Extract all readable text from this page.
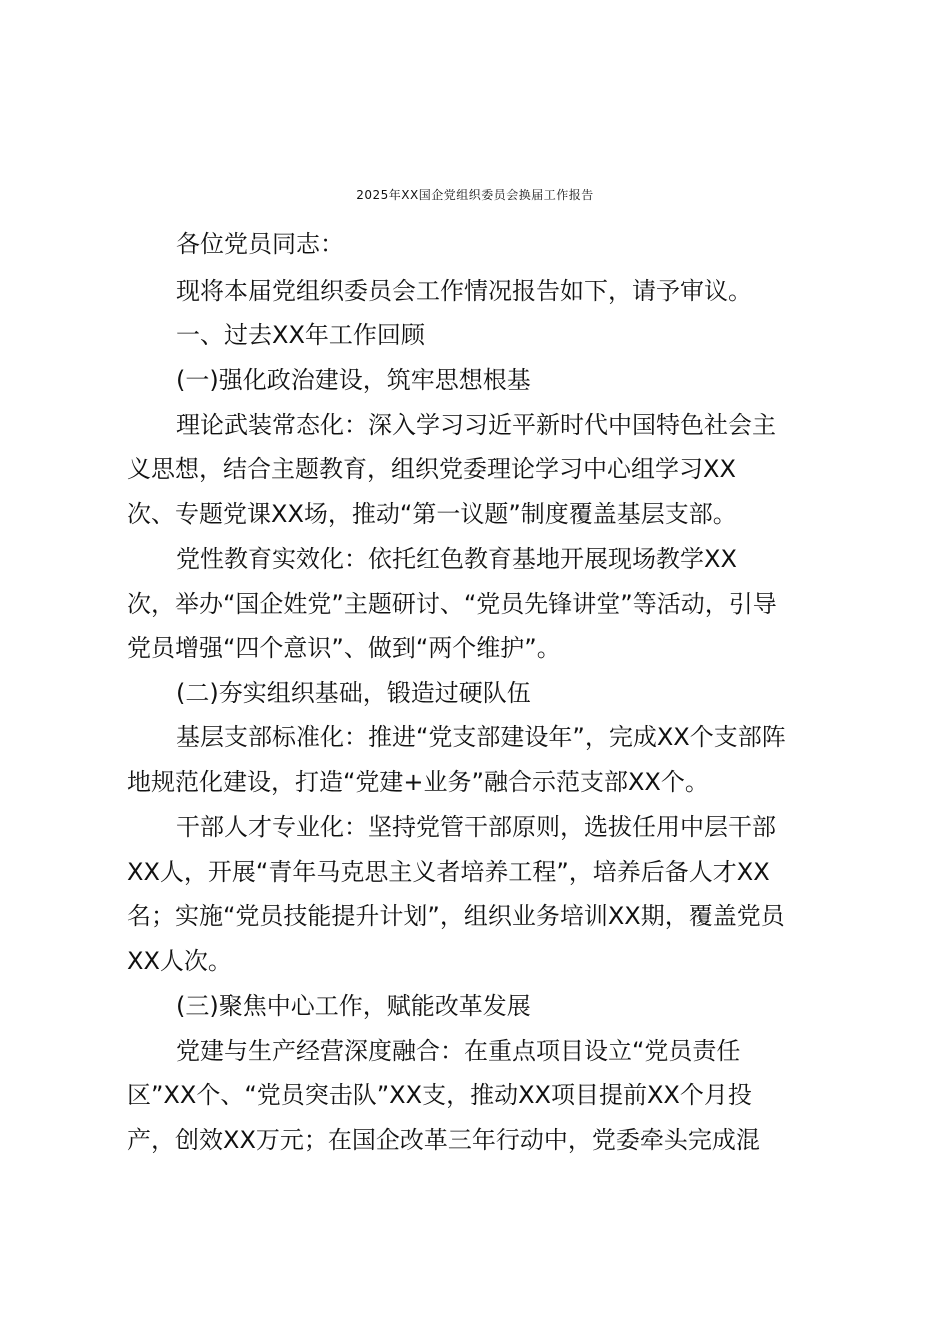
2025年XX国企党组织委员会换届工作报告
各位党员同志：
现将本届党组织委员会工作情况报告如下，请予审议。
一、过去XX年工作回顾
(一)强化政治建设，筑牢思想根基
理论武装常态化：深入学习习近平新时代中国特色社会主
义思想，结合主题教育，组织党委理论学习中心组学习XX
次、专题党课XX场，推动“第一议题”制度覆盖基层支部。
党性教育实效化：依托红色教育基地开展现场教学XX
次，举办“国企姓党”主题研讨、“党员先锋讲堂”等活动，引导
党员增强“四个意识”、做到“两个维护”。
(二)夯实组织基础，锻造过硬队伍
基层支部标准化：推进“党支部建设年”，完成XX个支部阵
地规范化建设，打造“党建+业务”融合示范支部XX个。
干部人才专业化：坚持党管干部原则，选拔任用中层干部
XX人，开展“青年马克思主义者培养工程”，培养后备人才XX
名；实施“党员技能提升计划”，组织业务培训XX期，覆盖党员
XX人次。
(三)聚焦中心工作，赋能改革发展
党建与生产经营深度融合：在重点项目设立“党员责任
区”XX个、“党员突击队”XX支，推动XX项目提前XX个月投
产，创效XX万元；在国企改革三年行动中，党委牵头完成混
